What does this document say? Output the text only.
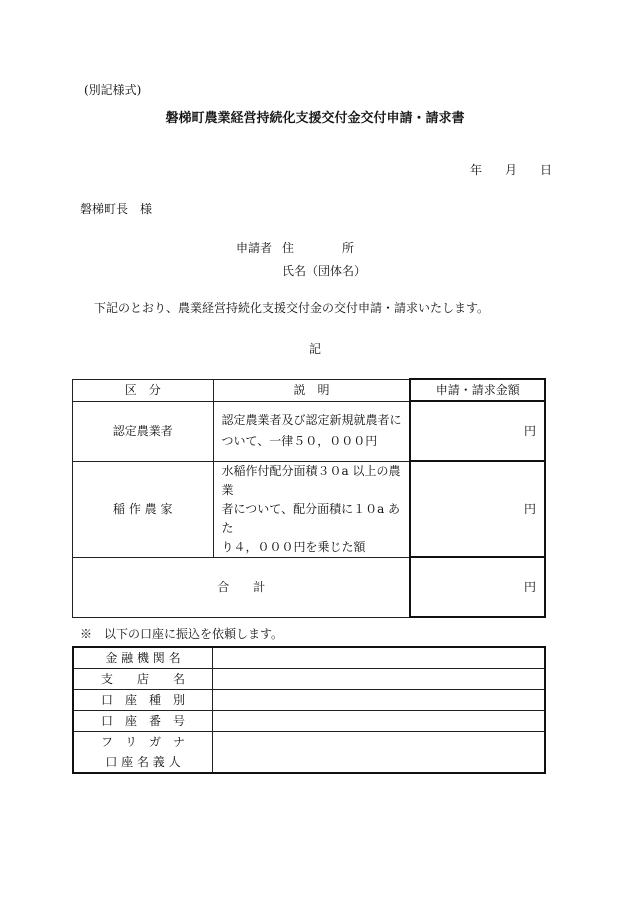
(別記様式)
磐梯町農業経営持続化支援交付金交付申請・請求書
年 月 日
磐梯町長　様
申請者 住　　　　所
氏名（団体名）
下記のとおり、農業経営持続化支援交付金の交付申請・請求いたします。
記
区　分	説　明	申請・請求金額
認定農業者	認定農業者及び認定新規就農者に
ついて、一律５０，０００円	円
稲 作 農 家	水稲作付配分面積３０a 以上の農業
者について、配分面積に１０a あた
り４，０００円を乗じた額	円
合　　計		円
※　以下の口座に振込を依頼します。
金 融 機 関 名	
支　　店　　名	
口　座　種　別	
口　座　番　号	

フ　リ　ガ　ナ
口 座 名 義 人	
